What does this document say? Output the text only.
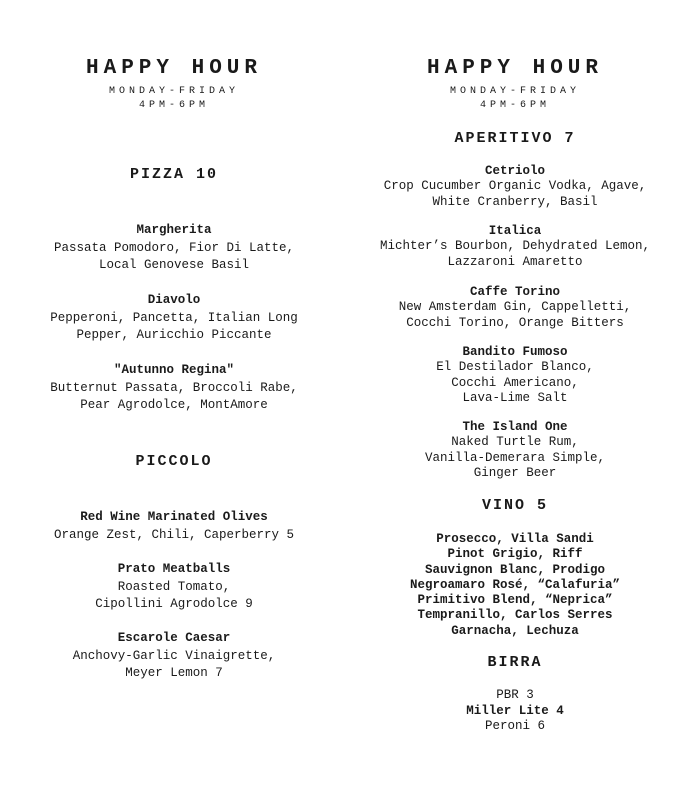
HAPPY HOUR
MONDAY-FRIDAY
4PM-6PM
PIZZA 10
Margherita
Passata Pomodoro, Fior Di Latte,
Local Genovese Basil
Diavolo
Pepperoni, Pancetta, Italian Long
Pepper, Auricchio Piccante
"Autunno Regina"
Butternut Passata, Broccoli Rabe,
Pear Agrodolce, MontAmore
PICCOLO
Red Wine Marinated Olives
Orange Zest, Chili, Caperberry 5
Prato Meatballs
Roasted Tomato,
Cipollini Agrodolce 9
Escarole Caesar
Anchovy-Garlic Vinaigrette,
Meyer Lemon 7
HAPPY HOUR
MONDAY-FRIDAY
4PM-6PM
APERITIVO 7
Cetriolo
Crop Cucumber Organic Vodka, Agave,
White Cranberry, Basil
Italica
Michter’s Bourbon, Dehydrated Lemon,
Lazzaroni Amaretto
Caffe Torino
New Amsterdam Gin, Cappelletti,
Cocchi Torino, Orange Bitters
Bandito Fumoso
El Destilador Blanco,
Cocchi Americano,
Lava-Lime Salt
The Island One
Naked Turtle Rum,
Vanilla-Demerara Simple,
Ginger Beer
VINO 5
Prosecco, Villa Sandi
Pinot Grigio, Riff
Sauvignon Blanc, Prodigo
Negroamaro Rosé, “Calafuria”
Primitivo Blend, “Neprica”
Tempranillo, Carlos Serres
Garnacha, Lechuza
BIRRA
PBR 3
Miller Lite 4
Peroni 6
